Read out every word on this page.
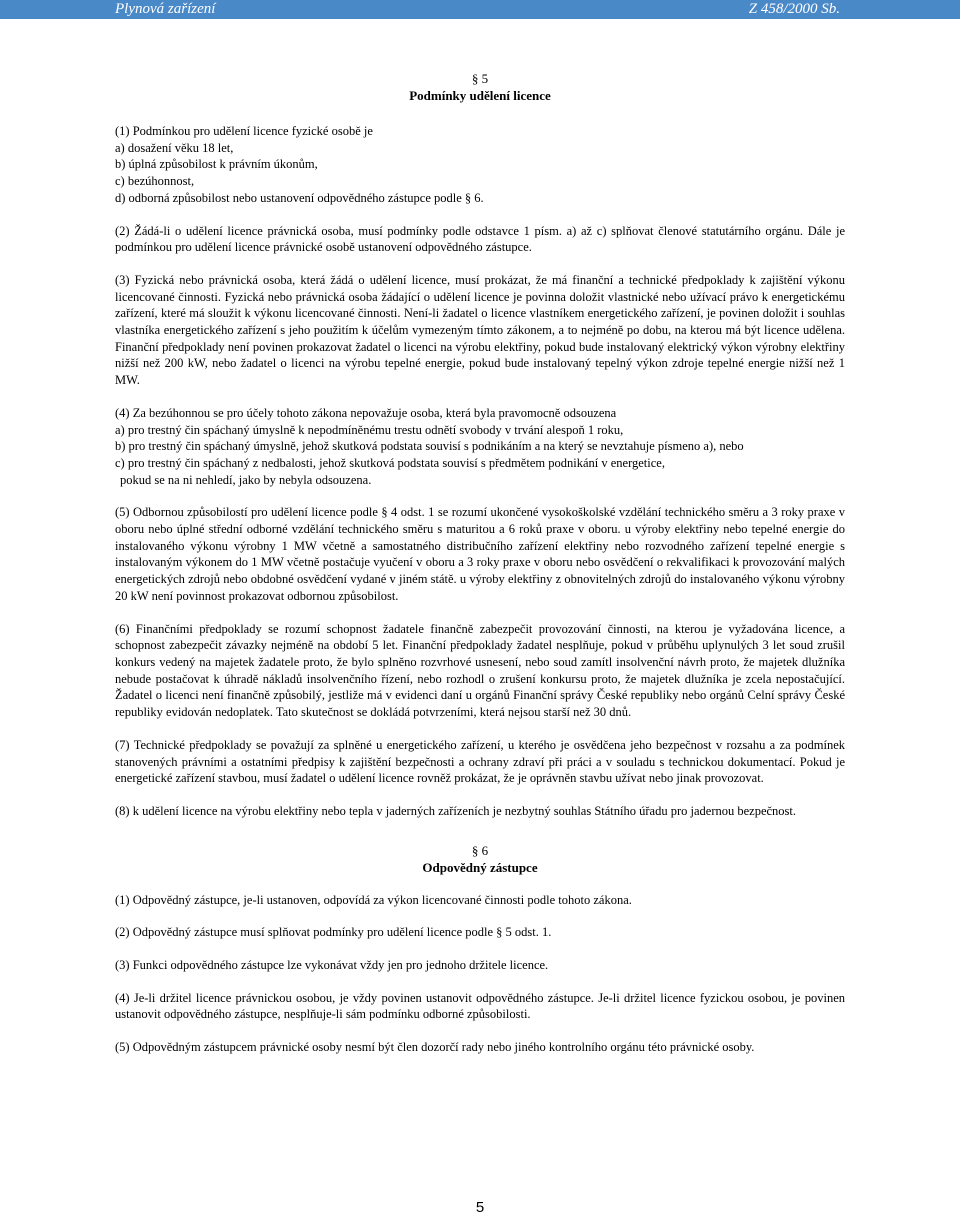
Plynová zařízení	Z 458/2000 Sb.
§ 5
Podmínky udělení licence

(1) Podmínkou pro udělení licence fyzické osobě je
a) dosažení věku 18 let,
b) úplná způsobilost k právním úkonům,
c) bezúhonnost,
d) odborná způsobilost nebo ustanovení odpovědného zástupce podle § 6.

(2) Žádá-li o udělení licence právnická osoba, musí podmínky podle odstavce 1 písm. a) až c) splňovat členové statutárního orgánu. Dále je podmínkou pro udělení licence právnické osobě ustanovení odpovědného zástupce.

(3) Fyzická nebo právnická osoba, která žádá o udělení licence, musí prokázat, že má finanční a technické předpoklady k zajištění výkonu licencované činnosti. Fyzická nebo právnická osoba žádající o udělení licence je povinna doložit vlastnické nebo užívací právo k energetickému zařízení, které má sloužit k výkonu licencované činnosti. Není-li žadatel o licence vlastníkem energetického zařízení, je povinen doložit i souhlas vlastníka energetického zařízení s jeho použitím k účelům vymezeným tímto zákonem, a to nejméně po dobu, na kterou má být licence udělena. Finanční předpoklady není povinen prokazovat žadatel o licenci na výrobu elektřiny, pokud bude instalovaný elektrický výkon výrobny elektřiny nižší než 200 kW, nebo žadatel o licenci na výrobu tepelné energie, pokud bude instalovaný tepelný výkon zdroje tepelné energie nižší než 1 MW.

(4) Za bezúhonnou se pro účely tohoto zákona nepovažuje osoba, která byla pravomocně odsouzena
a) pro trestný čin spáchaný úmyslně k nepodmíněnému trestu odnětí svobody v trvání alespoň 1 roku,
b) pro trestný čin spáchaný úmyslně, jehož skutková podstata souvisí s podnikáním a na který se nevztahuje písmeno a), nebo
c) pro trestný čin spáchaný z nedbalosti, jehož skutková podstata souvisí s předmětem podnikání v energetice,
pokud se na ni nehledí, jako by nebyla odsouzena.

(5) Odbornou způsobilostí pro udělení licence podle § 4 odst. 1 se rozumí ukončené vysokoškolské vzdělání technického směru a 3 roky praxe v oboru nebo úplné střední odborné vzdělání technického směru s maturitou a 6 roků praxe v oboru. u výroby elektřiny nebo tepelné energie do instalovaného výkonu výrobny 1 MW včetně a samostatného distribučního zařízení elektřiny nebo rozvodného zařízení tepelné energie s instalovaným výkonem do 1 MW včetně postačuje vyučení v oboru a 3 roky praxe v oboru nebo osvědčení o rekvalifikaci k provozování malých energetických zdrojů nebo obdobné osvědčení vydané v jiném státě. u výroby elektřiny z obnovitelných zdrojů do instalovaného výkonu výrobny 20 kW není povinnost prokazovat odbornou způsobilost.

(6) Finančními předpoklady se rozumí schopnost žadatele finančně zabezpečit provozování činnosti, na kterou je vyžadována licence, a schopnost zabezpečit závazky nejméně na období 5 let. Finanční předpoklady žadatel nesplňuje, pokud v průběhu uplynulých 3 let soud zrušil konkurs vedený na majetek žadatele proto, že bylo splněno rozvrhové usnesení, nebo soud zamítl insolvenční návrh proto, že majetek dlužníka nebude postačovat k úhradě nákladů insolvenčního řízení, nebo rozhodl o zrušení konkursu proto, že majetek dlužníka je zcela nepostačující. Žadatel o licenci není finančně způsobilý, jestliže má v evidenci daní u orgánů Finanční správy České republiky nebo orgánů Celní správy České republiky evidován nedoplatek. Tato skutečnost se dokládá potvrzeními, která nejsou starší než 30 dnů.

(7) Technické předpoklady se považují za splněné u energetického zařízení, u kterého je osvědčena jeho bezpečnost v rozsahu a za podmínek stanovených právními a ostatními předpisy k zajištění bezpečnosti a ochrany zdraví při práci a v souladu s technickou dokumentací. Pokud je energetické zařízení stavbou, musí žadatel o udělení licence rovněž prokázat, že je oprávněn stavbu užívat nebo jinak provozovat.

(8) k udělení licence na výrobu elektřiny nebo tepla v jaderných zařízeních je nezbytný souhlas Státního úřadu pro jadernou bezpečnost.

§ 6
Odpovědný zástupce

(1) Odpovědný zástupce, je-li ustanoven, odpovídá za výkon licencované činnosti podle tohoto zákona.

(2) Odpovědný zástupce musí splňovat podmínky pro udělení licence podle § 5 odst. 1.

(3) Funkci odpovědného zástupce lze vykonávat vždy jen pro jednoho držitele licence.

(4) Je-li držitel licence právnickou osobou, je vždy povinen ustanovit odpovědného zástupce. Je-li držitel licence fyzickou osobou, je povinen ustanovit odpovědného zástupce, nesplňuje-li sám podmínku odborné způsobilosti.

(5) Odpovědným zástupcem právnické osoby nesmí být člen dozorčí rady nebo jiného kontrolního orgánu této právnické osoby.

5
